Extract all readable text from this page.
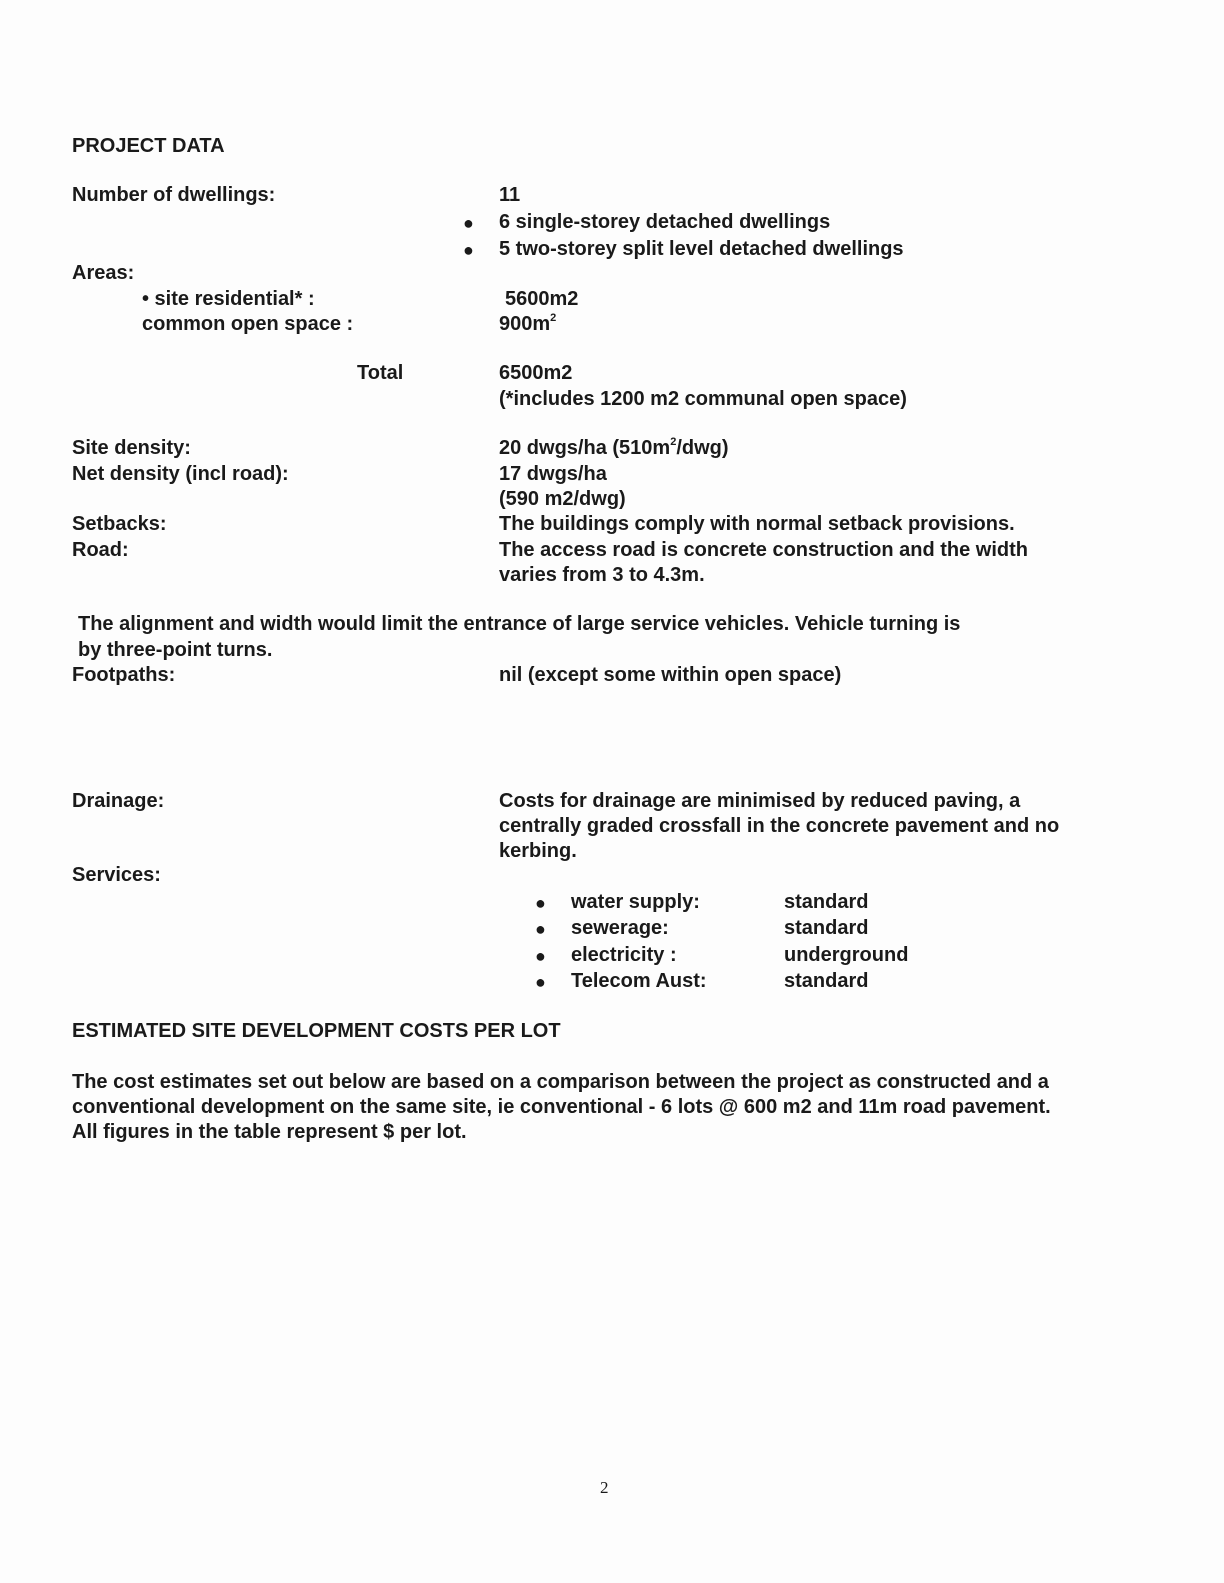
PROJECT DATA
Number of dwellings:	11
● 6 single-storey detached dwellings
● 5 two-storey split level detached dwellings
Areas:
• site residential* :	5600m2
common open space :	$900m^2$
Total	6500m2
(*includes 1200 m2 communal open space)
Site density:	20 dwgs/ha $(510m^2/dwg)$
Net density (incl road):	17 dwgs/ha
(590 m2/dwg)
Setbacks:	The buildings comply with normal setback provisions.
Road:	The access road is concrete construction and the width
varies from 3 to 4.3m.
The alignment and width would limit the entrance of large service vehicles. Vehicle turning is
by three-point turns.
Footpaths:	nil (except some within open space)
Drainage:	Costs for drainage are minimised by reduced paving, a
centrally graded crossfall in the concrete pavement and no
kerbing.
Services:
● water supply:	standard
● sewerage:	standard
● electricity :	underground
● Telecom Aust:	standard
ESTIMATED SITE DEVELOPMENT COSTS PER LOT
The cost estimates set out below are based on a comparison between the project as constructed and a
conventional development on the same site, ie conventional - 6 lots @ 600 m2 and 11m road pavement.
All figures in the table represent $ per lot.
2
